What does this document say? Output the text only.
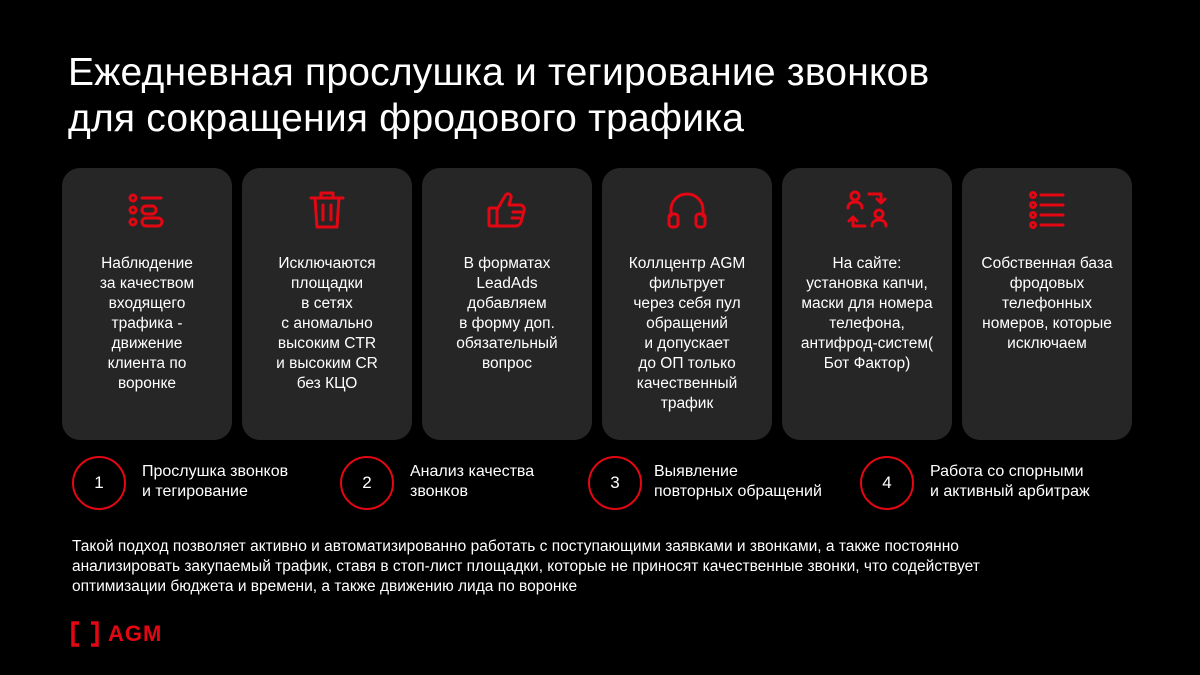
Ежедневная прослушка и тегирование звонков
для сокращения фродового трафика
Наблюдение
за качеством
входящего
трафика -
движение
клиента по
воронке
Исключаются
площадки
в сетях
с аномально
высоким CTR
и высоким CR
без КЦО
В форматах
LeadAds
добавляем
в форму доп.
обязательный
вопрос
Коллцентр AGM
фильтрует
через себя пул
обращений
и допускает
до ОП только
качественный
трафик
На сайте:
установка капчи,
маски для номера
телефона,
антифрод-систем(
Бот Фактор)
Собственная база
фродовых
телефонных
номеров, которые
исключаем
1
Прослушка звонков
и тегирование	2
Анализ качества
звонков	3
Выявление
повторных обращений	4
Работа со спорными
и активный арбитраж
Такой подход позволяет активно и автоматизированно работать с поступающими заявками и звонками, а также постоянно
анализировать закупаемый трафик, ставя в стоп-лист площадки, которые не приносят качественные звонки, что содействует
оптимизации бюджета и времени, а также движению лида по воронке
AGM
